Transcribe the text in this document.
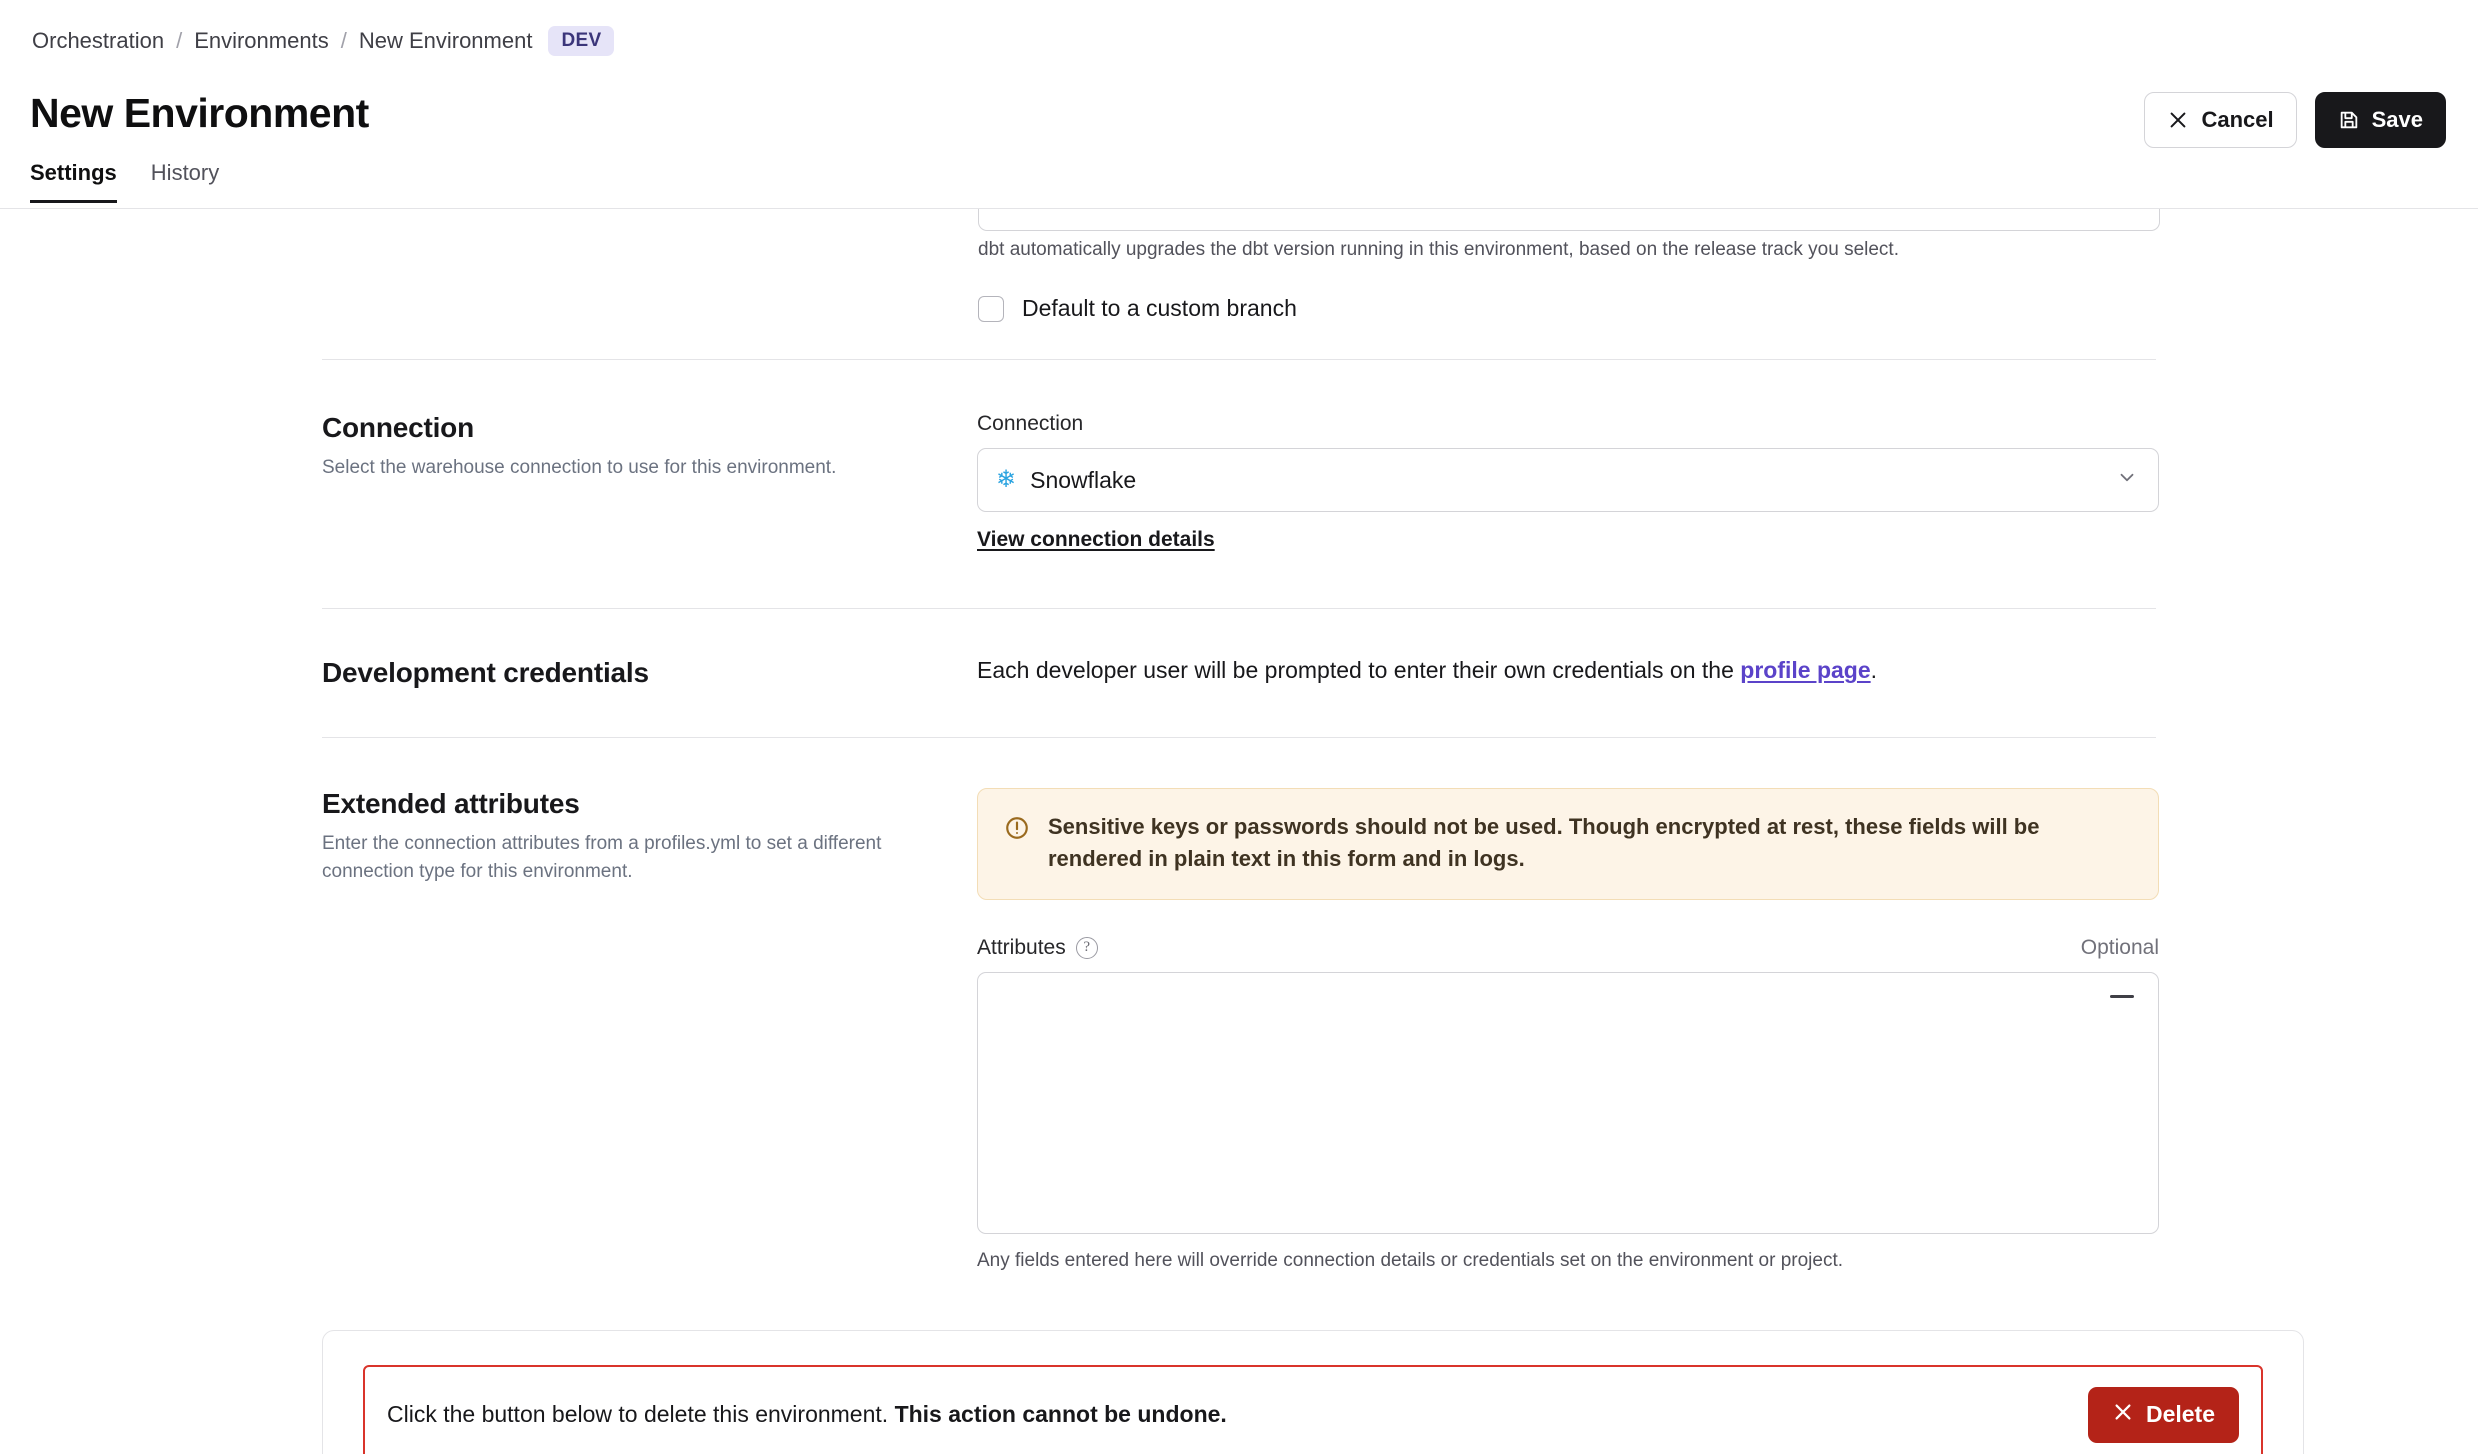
Orchestration / Environments / New Environment	DEV
New Environment	Cancel	Save
Settings History
dbt automatically upgrades the dbt version running in this environment, based on the release track you select.
Default to a custom branch
Connection
Select the warehouse connection to use for this environment.
Connection
❄ Snowflake
View connection details
Development credentials	Each developer user will be prompted to enter their own credentials on the profile page.
Extended attributes
Enter the connection attributes from a profiles.yml to set a different connection type for this environment.
Sensitive keys or passwords should not be used. Though encrypted at rest, these fields will be rendered in plain text in this form and in logs.
Attributes	?	Optional
Any fields entered here will override connection details or credentials set on the environment or project.
Click the button below to delete this environment. This action cannot be undone.	Delete
